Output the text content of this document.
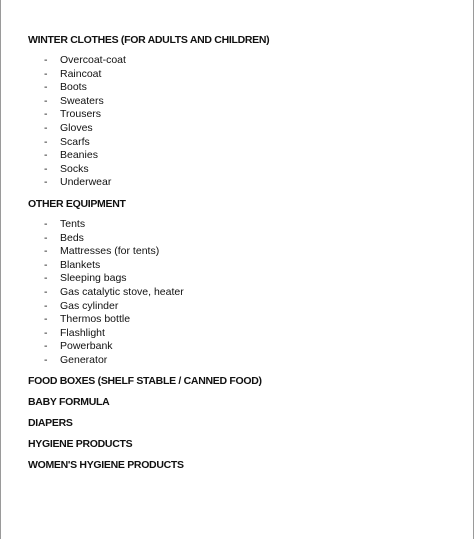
WINTER CLOTHES (FOR ADULTS AND CHILDREN)
- Overcoat-coat
- Raincoat
- Boots
- Sweaters
- Trousers
- Gloves
- Scarfs
- Beanies
- Socks
- Underwear
OTHER EQUIPMENT
- Tents
- Beds
- Mattresses (for tents)
- Blankets
- Sleeping bags
- Gas catalytic stove, heater
- Gas cylinder
- Thermos bottle
- Flashlight
- Powerbank
- Generator
FOOD BOXES (SHELF STABLE / CANNED FOOD)
BABY FORMULA
DIAPERS
HYGIENE PRODUCTS
WOMEN'S HYGIENE PRODUCTS
